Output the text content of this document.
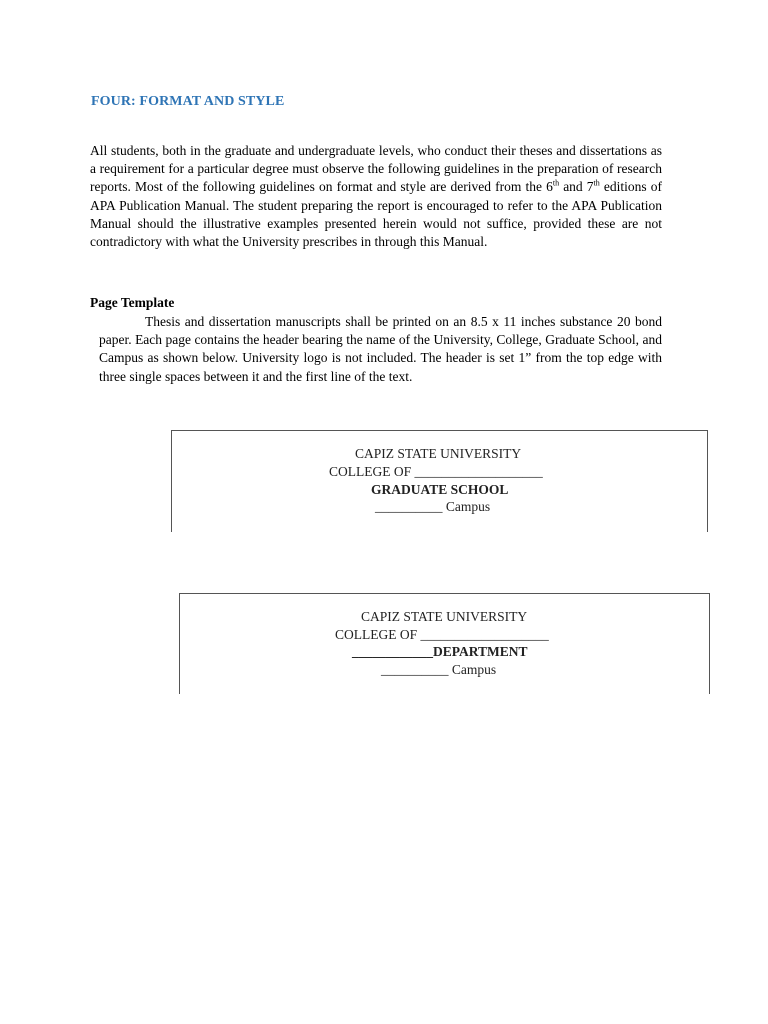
FOUR: FORMAT AND STYLE
All students, both in the graduate and undergraduate levels, who conduct their theses and dissertations as a requirement for a particular degree must observe the following guidelines in the preparation of research reports. Most of the following guidelines on format and style are derived from the 6th and 7th editions of APA Publication Manual. The student preparing the report is encouraged to refer to the APA Publication Manual should the illustrative examples presented herein would not suffice, provided these are not contradictory with what the University prescribes in through this Manual.
Page Template
Thesis and dissertation manuscripts shall be printed on an 8.5 x 11 inches substance 20 bond paper. Each page contains the header bearing the name of the University, College, Graduate School, and Campus as shown below. University logo is not included. The header is set 1” from the top edge with three single spaces between it and the first line of the text.
CAPIZ STATE UNIVERSITY
COLLEGE OF ___________________
GRADUATE SCHOOL
__________ Campus
CAPIZ STATE UNIVERSITY
COLLEGE OF ___________________
____________DEPARTMENT
__________ Campus
